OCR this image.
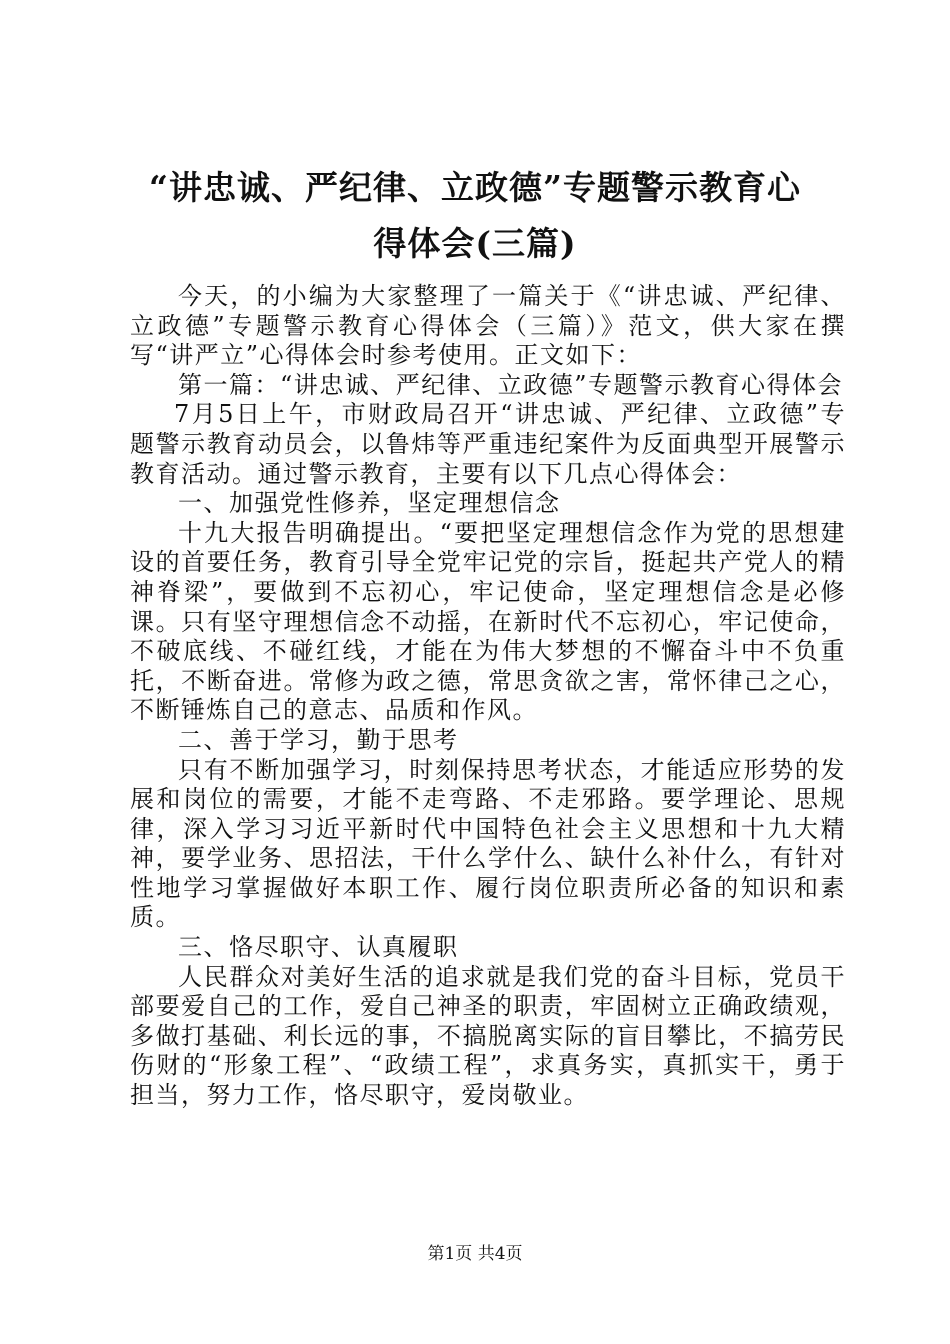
“讲忠诚、严纪律、立政德”专题警示教育心
得体会(三篇)

今天，的小编为大家整理了一篇关于《“讲忠诚、严纪律、立政德”专题警示教育心得体会（三篇）》范文，供大家在撰写“讲严立”心得体会时参考使用。正文如下：

第一篇：“讲忠诚、严纪律、立政德”专题警示教育心得体会

7月5日上午，市财政局召开“讲忠诚、严纪律、立政德”专题警示教育动员会，以鲁炜等严重违纪案件为反面典型开展警示教育活动。通过警示教育，主要有以下几点心得体会：

一、加强党性修养，坚定理想信念

十九大报告明确提出。“要把坚定理想信念作为党的思想建设的首要任务，教育引导全党牢记党的宗旨，挺起共产党人的精神脊梁”，要做到不忘初心，牢记使命，坚定理想信念是必修课。只有坚守理想信念不动摇，在新时代不忘初心，牢记使命，不破底线、不碰红线，才能在为伟大梦想的不懈奋斗中不负重托，不断奋进。常修为政之德，常思贪欲之害，常怀律己之心，不断锤炼自己的意志、品质和作风。

二、善于学习，勤于思考

只有不断加强学习，时刻保持思考状态，才能适应形势的发展和岗位的需要，才能不走弯路、不走邪路。要学理论、思规律，深入学习习近平新时代中国特色社会主义思想和十九大精神，要学业务、思招法，干什么学什么、缺什么补什么，有针对性地学习掌握做好本职工作、履行岗位职责所必备的知识和素质。

三、恪尽职守、认真履职

人民群众对美好生活的追求就是我们党的奋斗目标，党员干部要爱自己的工作，爱自己神圣的职责，牢固树立正确政绩观，多做打基础、利长远的事，不搞脱离实际的盲目攀比，不搞劳民伤财的“形象工程”、“政绩工程”，求真务实，真抓实干，勇于担当，努力工作，恪尽职守，爱岗敬业。

第1页 共4页
